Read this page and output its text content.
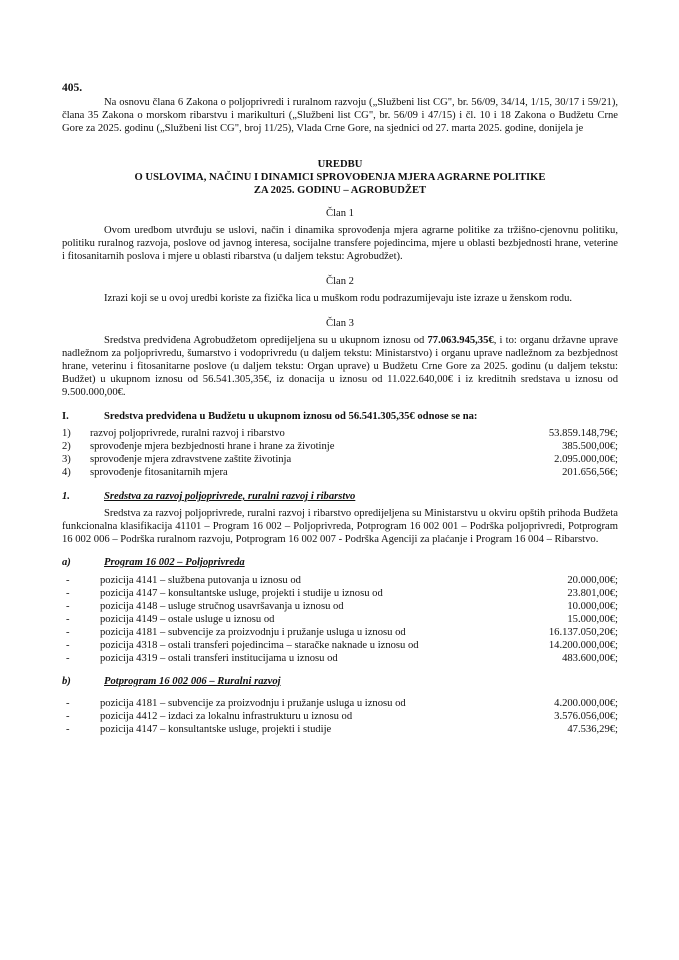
405.

Na osnovu člana 6 Zakona o poljoprivredi i ruralnom razvoju („Službeni list CG", br. 56/09, 34/14, 1/15, 30/17 i 59/21), člana 35 Zakona o morskom ribarstvu i marikulturi („Službeni list CG", br. 56/09 i 47/15) i čl. 10 i 18 Zakona o Budžetu Crne Gore za 2025. godinu („Službeni list CG", broj 11/25), Vlada Crne Gore, na sjednici od 27. marta 2025. godine, donijela je

UREDBU
O USLOVIMA, NAČINU I DINAMICI SPROVOĐENJA MJERA AGRARNE POLITIKE
ZA 2025. GODINU – AGROBUDŽET
Član 1

Ovom uredbom utvrđuju se uslovi, način i dinamika sprovođenja mjera agrarne politike za tržišno-cjenovnu politiku, politiku ruralnog razvoja, poslove od javnog interesa, socijalne transfere pojedincima, mjere u oblasti bezbjednosti hrane, veterine i fitosanitarnih poslova i mjere u oblasti ribarstva (u daljem tekstu: Agrobudžet).

Član 2

Izrazi koji se u ovoj uredbi koriste za fizička lica u muškom rodu podrazumijevaju iste izraze u ženskom rodu.

Član 3

Sredstva predviđena Agrobudžetom opredijeljena su u ukupnom iznosu od 77.063.945,35€, i to: organu državne uprave nadležnom za poljoprivredu, šumarstvo i vodoprivredu (u daljem tekstu: Ministarstvo) i organu uprave nadležnom za bezbjednost hrane, veterinu i fitosanitarne poslove (u daljem tekstu: Organ uprave) u Budžetu Crne Gore za 2025. godinu (u daljem tekstu: Budžet) u ukupnom iznosu od 56.541.305,35€, iz donacija u iznosu od 11.022.640,00€ i iz kreditnih sredstava u iznosu od 9.500.000,00€.

I.	Sredstva predviđena u Budžetu u ukupnom iznosu od 56.541.305,35€ odnose se na:
1)	razvoj poljoprivrede, ruralni razvoj i ribarstvo	53.859.148,79€;
2)	sprovođenje mjera bezbjednosti hrane i hrane za životinje	385.500,00€;
3)	sprovođenje mjera zdravstvene zaštite životinja	2.095.000,00€;
4)	sprovođenje fitosanitarnih mjera	201.656,56€;
1.	Sredstva za razvoj poljoprivrede, ruralni razvoj i ribarstvo

Sredstva za razvoj poljoprivrede, ruralni razvoj i ribarstvo opredijeljena su Ministarstvu u okviru opštih prihoda Budžeta funkcionalna klasifikacija 41101 – Program 16 002 – Poljoprivreda, Potprogram 16 002 001 – Podrška poljoprivredi, Potprogram 16 002 006 – Podrška ruralnom razvoju, Potprogram 16 002 007 - Podrška Agenciji za plaćanje i Program 16 004 – Ribarstvo.

a)	Program 16 002 – Poljoprivreda
-	pozicija 4141 – službena putovanja u iznosu od	20.000,00€;
-	pozicija 4147 – konsultantske usluge, projekti i studije u iznosu od	23.801,00€;
-	pozicija 4148 – usluge stručnog usavršavanja u iznosu od	10.000,00€;
-	pozicija 4149 – ostale usluge u iznosu od	15.000,00€;
-	pozicija 4181 – subvencije za proizvodnju i pružanje usluga u iznosu od	16.137.050,20€;
-	pozicija 4318 – ostali transferi pojedincima – staračke naknade u iznosu od	14.200.000,00€;
-	pozicija 4319 – ostali transferi institucijama u iznosu od	483.600,00€;
b)	Potprogram 16 002 006 – Ruralni razvoj
-	pozicija 4181 – subvencije za proizvodnju i pružanje usluga u iznosu od	4.200.000,00€;
-	pozicija 4412 – izdaci za lokalnu infrastrukturu u iznosu od	3.576.056,00€;
-	pozicija 4147 – konsultantske usluge, projekti i studije	47.536,29€;
